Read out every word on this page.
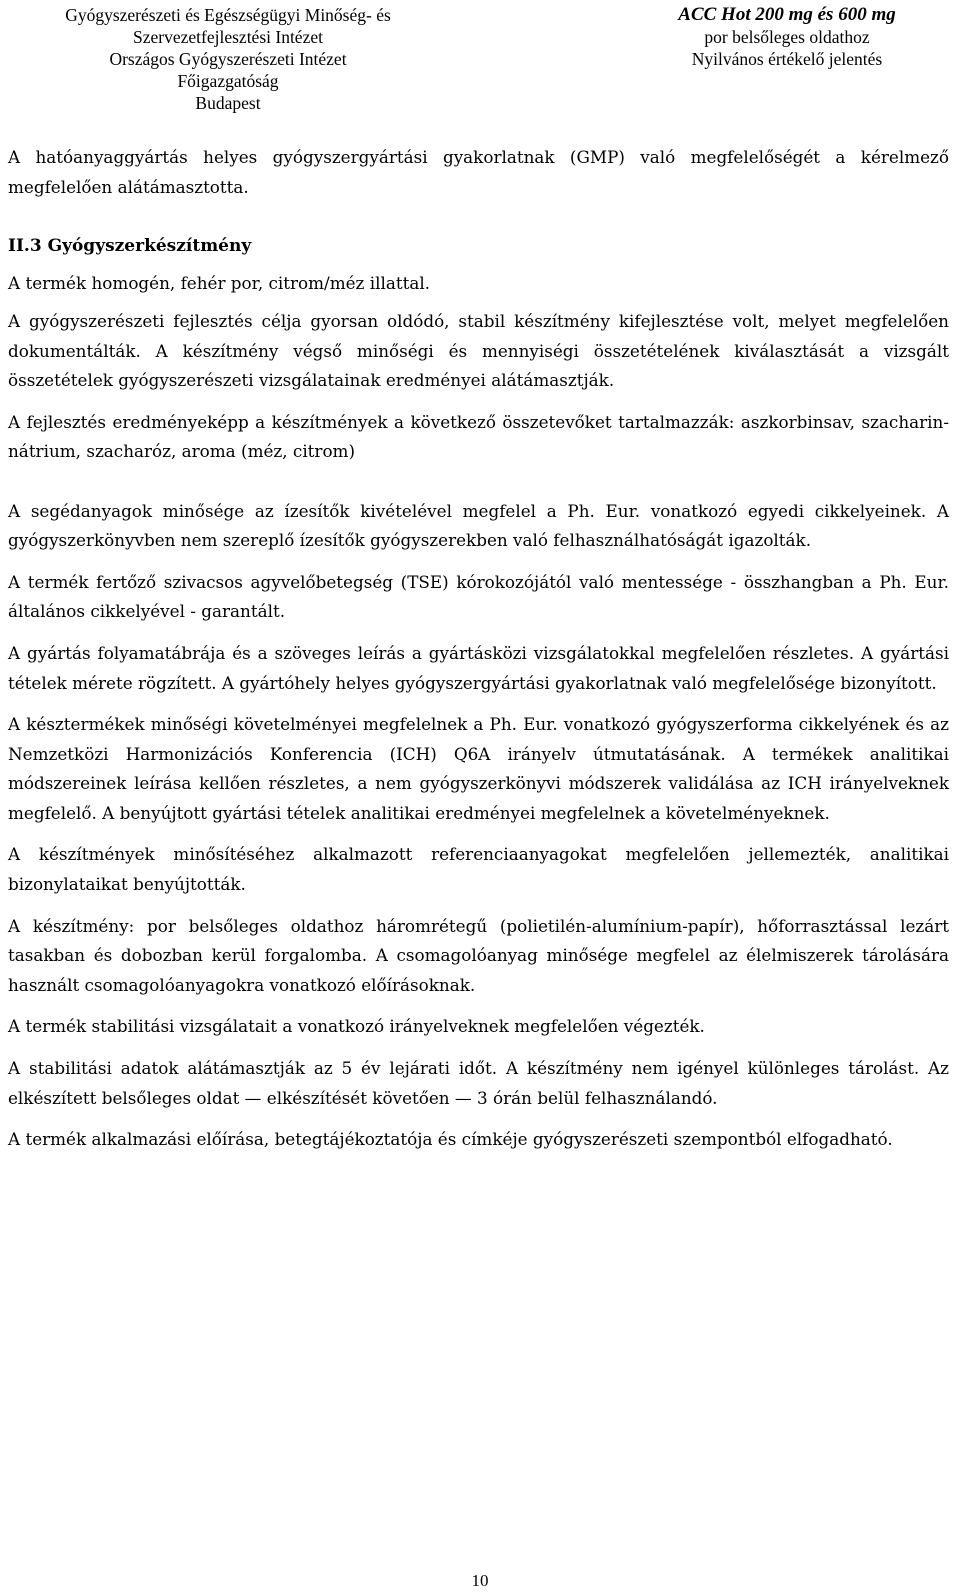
Gyógyszerészeti és Egészségügyi Minőség- és
Szervezetfejlesztési Intézet
Országos Gyógyszerészeti Intézet
Főigazgatóság
Budapest
ACC Hot 200 mg és 600 mg
por belsőleges oldathoz
Nyilvános értékelő jelentés

A hatóanyaggyártás helyes gyógyszergyártási gyakorlatnak (GMP) való megfelelőségét a kérelmező megfelelően alátámasztotta.

II.3 Gyógyszerkészítmény

A termék homogén, fehér por, citrom/méz illattal.

A gyógyszerészeti fejlesztés célja gyorsan oldódó, stabil készítmény kifejlesztése volt, melyet megfelelően dokumentálták. A készítmény végső minőségi és mennyiségi összetételének kiválasztását a vizsgált összetételek gyógyszerészeti vizsgálatainak eredményei alátámasztják.

A fejlesztés eredményeképp a készítmények a következő összetevőket tartalmazzák: aszkorbinsav, szacharin-nátrium, szacharóz, aroma (méz, citrom)

A segédanyagok minősége az ízesítők kivételével megfelel a Ph. Eur. vonatkozó egyedi cikkelyeinek. A gyógyszerkönyvben nem szereplő ízesítők gyógyszerekben való felhasználhatóságát igazolták.

A termék fertőző szivacsos agyvelőbetegség (TSE) kórokozójától való mentessége - összhangban a Ph. Eur. általános cikkelyével - garantált.

A gyártás folyamatábrája és a szöveges leírás a gyártásközi vizsgálatokkal megfelelően részletes. A gyártási tételek mérete rögzített. A gyártóhely helyes gyógyszergyártási gyakorlatnak való megfelelősége bizonyított.

A késztermékek minőségi követelményei megfelelnek a Ph. Eur. vonatkozó gyógyszerforma cikkelyének és az Nemzetközi Harmonizációs Konferencia (ICH) Q6A irányelv útmutatásának. A termékek analitikai módszereinek leírása kellően részletes, a nem gyógyszerkönyvi módszerek validálása az ICH irányelveknek megfelelő. A benyújtott gyártási tételek analitikai eredményei megfelelnek a követelményeknek.

A készítmények minősítéséhez alkalmazott referenciaanyagokat megfelelően jellemezték, analitikai bizonylataikat benyújtották.

A készítmény: por belsőleges oldathoz háromrétegű (polietilén-alumínium-papír), hőforrasztással lezárt tasakban és dobozban kerül forgalomba. A csomagolóanyag minősége megfelel az élelmiszerek tárolására használt csomagolóanyagokra vonatkozó előírásoknak.

A termék stabilitási vizsgálatait a vonatkozó irányelveknek megfelelően végezték.

A stabilitási adatok alátámasztják az 5 év lejárati időt. A készítmény nem igényel különleges tárolást. Az elkészített belsőleges oldat — elkészítését követően — 3 órán belül felhasználandó.

A termék alkalmazási előírása, betegtájékoztatója és címkéje gyógyszerészeti szempontból elfogadható.

10
